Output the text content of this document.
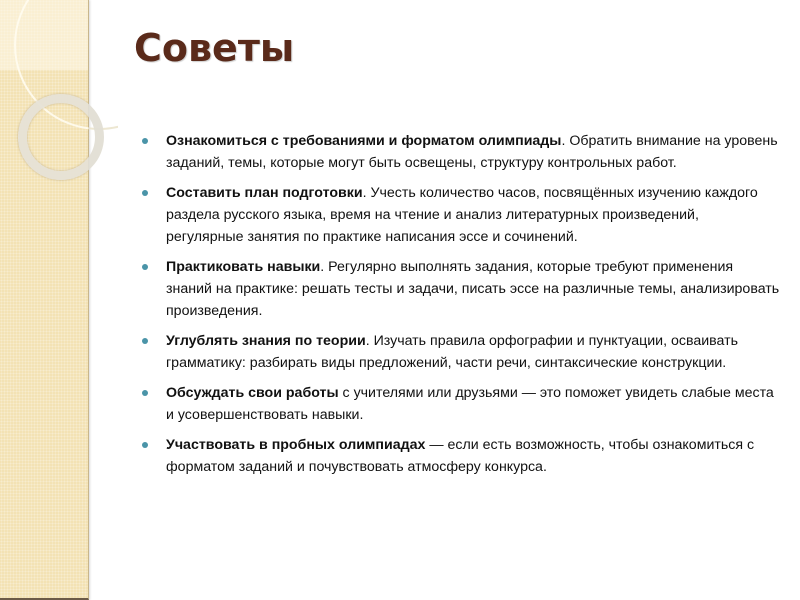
Советы
Ознакомиться с требованиями и форматом олимпиады. Обратить внимание на уровень заданий, темы, которые могут быть освещены, структуру контрольных работ.
Составить план подготовки. Учесть количество часов, посвящённых изучению каждого раздела русского языка, время на чтение и анализ литературных произведений, регулярные занятия по практике написания эссе и сочинений.
Практиковать навыки. Регулярно выполнять задания, которые требуют применения знаний на практике: решать тесты и задачи, писать эссе на различные темы, анализировать произведения.
Углублять знания по теории. Изучать правила орфографии и пунктуации, осваивать грамматику: разбирать виды предложений, части речи, синтаксические конструкции.
Обсуждать свои работы с учителями или друзьями — это поможет увидеть слабые места и усовершенствовать навыки.
Участвовать в пробных олимпиадах — если есть возможность, чтобы ознакомиться с форматом заданий и почувствовать атмосферу конкурса.
